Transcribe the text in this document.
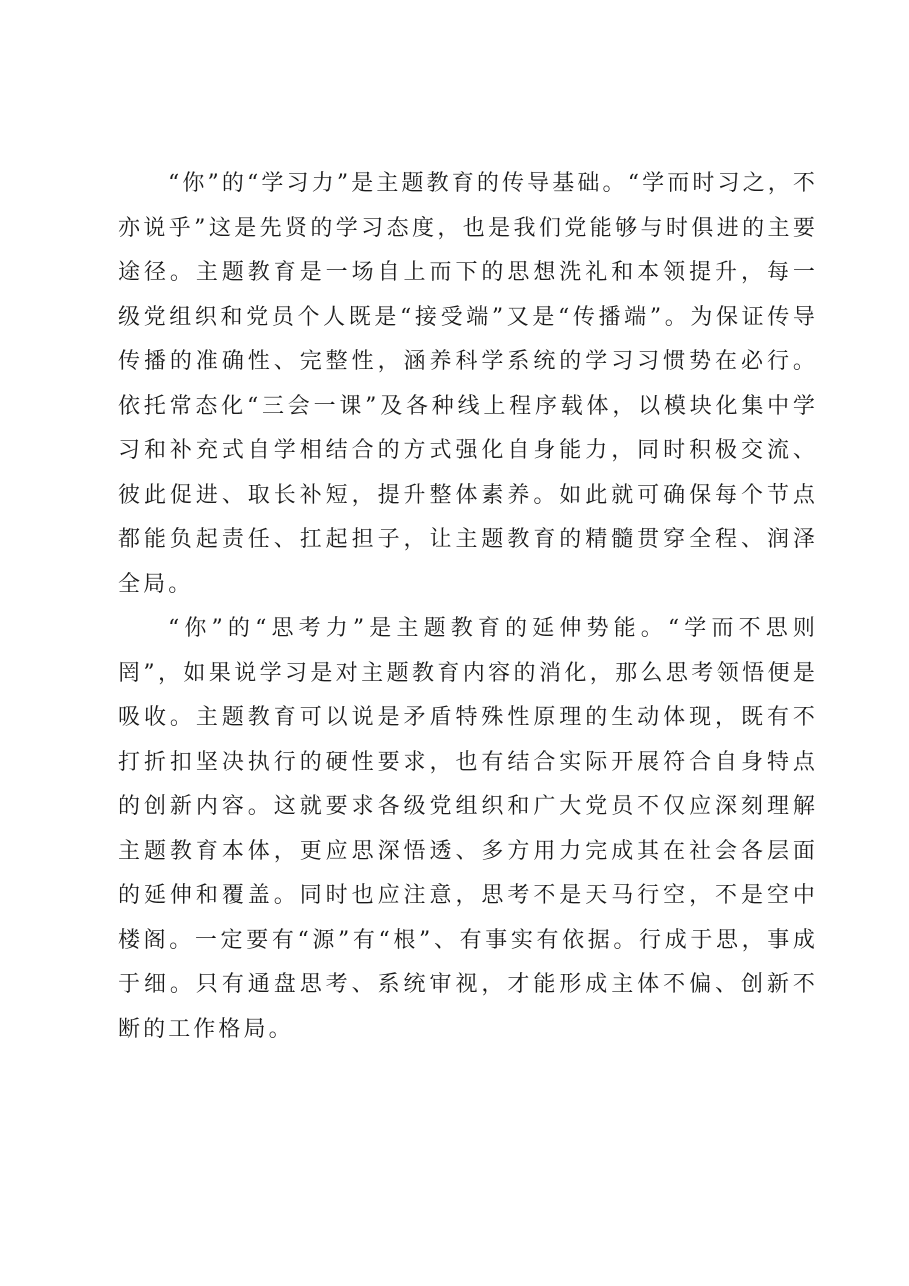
“你”的“学习力”是主题教育的传导基础。“学而时习之，不亦说乎”这是先贤的学习态度，也是我们党能够与时俱进的主要途径。主题教育是一场自上而下的思想洗礼和本领提升，每一级党组织和党员个人既是“接受端”又是“传播端”。为保证传导传播的准确性、完整性，涵养科学系统的学习习惯势在必行。依托常态化“三会一课”及各种线上程序载体，以模块化集中学习和补充式自学相结合的方式强化自身能力，同时积极交流、彼此促进、取长补短，提升整体素养。如此就可确保每个节点都能负起责任、扛起担子，让主题教育的精髓贯穿全程、润泽全局。

“你”的“思考力”是主题教育的延伸势能。“学而不思则罔”，如果说学习是对主题教育内容的消化，那么思考领悟便是吸收。主题教育可以说是矛盾特殊性原理的生动体现，既有不打折扣坚决执行的硬性要求，也有结合实际开展符合自身特点的创新内容。这就要求各级党组织和广大党员不仅应深刻理解主题教育本体，更应思深悟透、多方用力完成其在社会各层面的延伸和覆盖。同时也应注意，思考不是天马行空，不是空中楼阁。一定要有“源”有“根”、有事实有依据。行成于思，事成于细。只有通盘思考、系统审视，才能形成主体不偏、创新不断的工作格局。
